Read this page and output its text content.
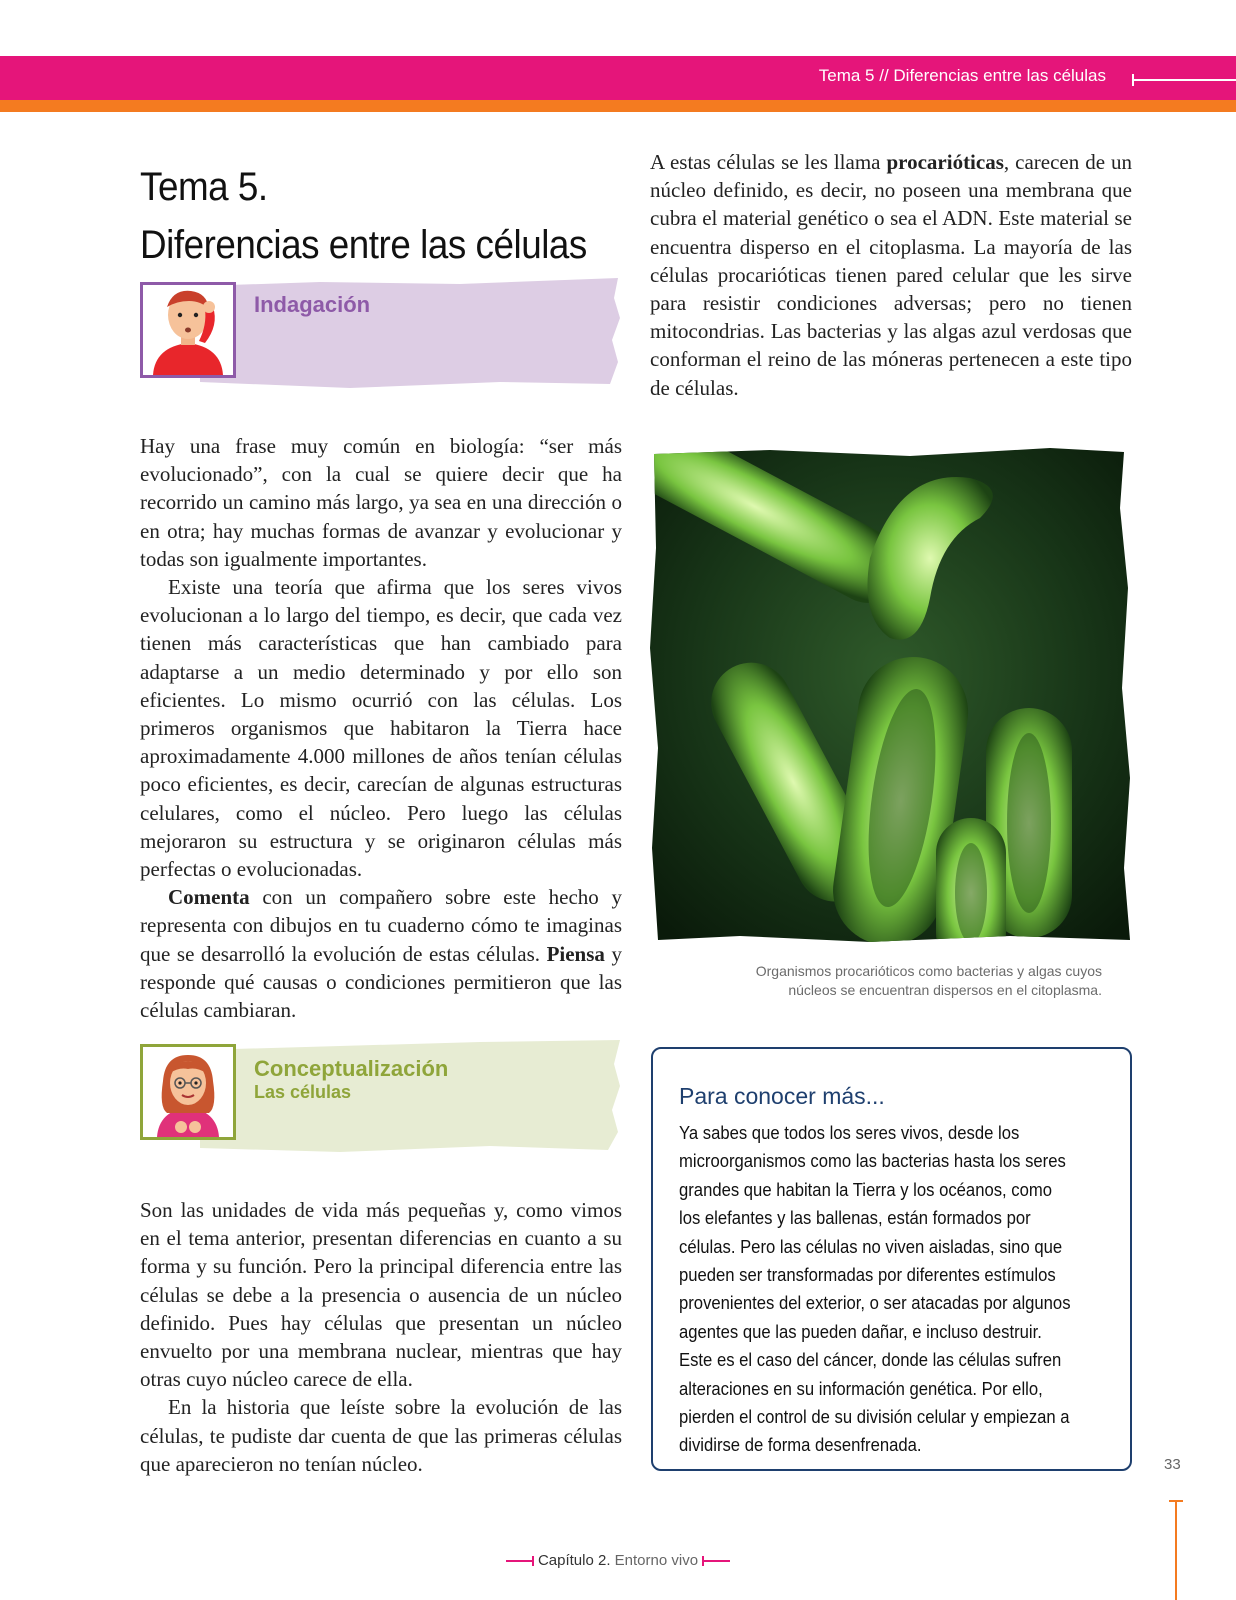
Tema 5 // Diferencias entre las células
Tema 5.
Diferencias entre las células
Indagación

Hay una frase muy común en biología: “ser más evolucionado”, con la cual se quiere decir que ha recorrido un camino más largo, ya sea en una dirección o en otra; hay muchas formas de avanzar y evolucionar y todas son igualmente importantes.

Existe una teoría que afirma que los seres vivos evolucionan a lo largo del tiempo, es decir, que cada vez tienen más características que han cambiado para adaptarse a un medio determinado y por ello son eficientes. Lo mismo ocurrió con las células. Los primeros organismos que habitaron la Tierra hace aproximadamente 4.000 millones de años tenían células poco eficientes, es decir, carecían de algunas estructuras celulares, como el núcleo. Pero luego las células mejoraron su estructura y se originaron células más perfectas o evolucionadas.

Comenta con un compañero sobre este hecho y representa con dibujos en tu cuaderno cómo te imaginas que se desarrolló la evolución de estas células. Piensa y responde qué causas o condiciones permitieron que las células cambiaran.

Conceptualización
Las células

Son las unidades de vida más pequeñas y, como vimos en el tema anterior, presentan diferencias en cuanto a su forma y su función. Pero la principal diferencia entre las células se debe a la presencia o ausencia de un núcleo definido. Pues hay células que presentan un núcleo envuelto por una membrana nuclear, mientras que hay otras cuyo núcleo carece de ella.

En la historia que leíste sobre la evolución de las células, te pudiste dar cuenta de que las primeras células que aparecieron no tenían núcleo.

A estas células se les llama procarióticas, carecen de un núcleo definido, es decir, no poseen una membrana que cubra el material genético o sea el ADN. Este material se encuentra disperso en el citoplasma. La mayoría de las células procarióticas tienen pared celular que les sirve para resistir condiciones adversas; pero no tienen mitocondrias. Las bacterias y las algas azul verdosas que conforman el reino de las móneras pertenecen a este tipo de células.

Organismos procarióticos como bacterias y algas cuyos
núcleos se encuentran dispersos en el citoplasma.
Para conocer más...
Ya sabes que todos los seres vivos, desde los
microorganismos como las bacterias hasta los seres
grandes que habitan la Tierra y los océanos, como
los elefantes y las ballenas, están formados por
células. Pero las células no viven aisladas, sino que
pueden ser transformadas por diferentes estímulos
provenientes del exterior, o ser atacadas por algunos
agentes que las pueden dañar, e incluso destruir.
Este es el caso del cáncer, donde las células sufren
alteraciones en su información genética. Por ello,
pierden el control de su división celular y empiezan a
dividirse de forma desenfrenada.
33
Capítulo 2. Entorno vivo
